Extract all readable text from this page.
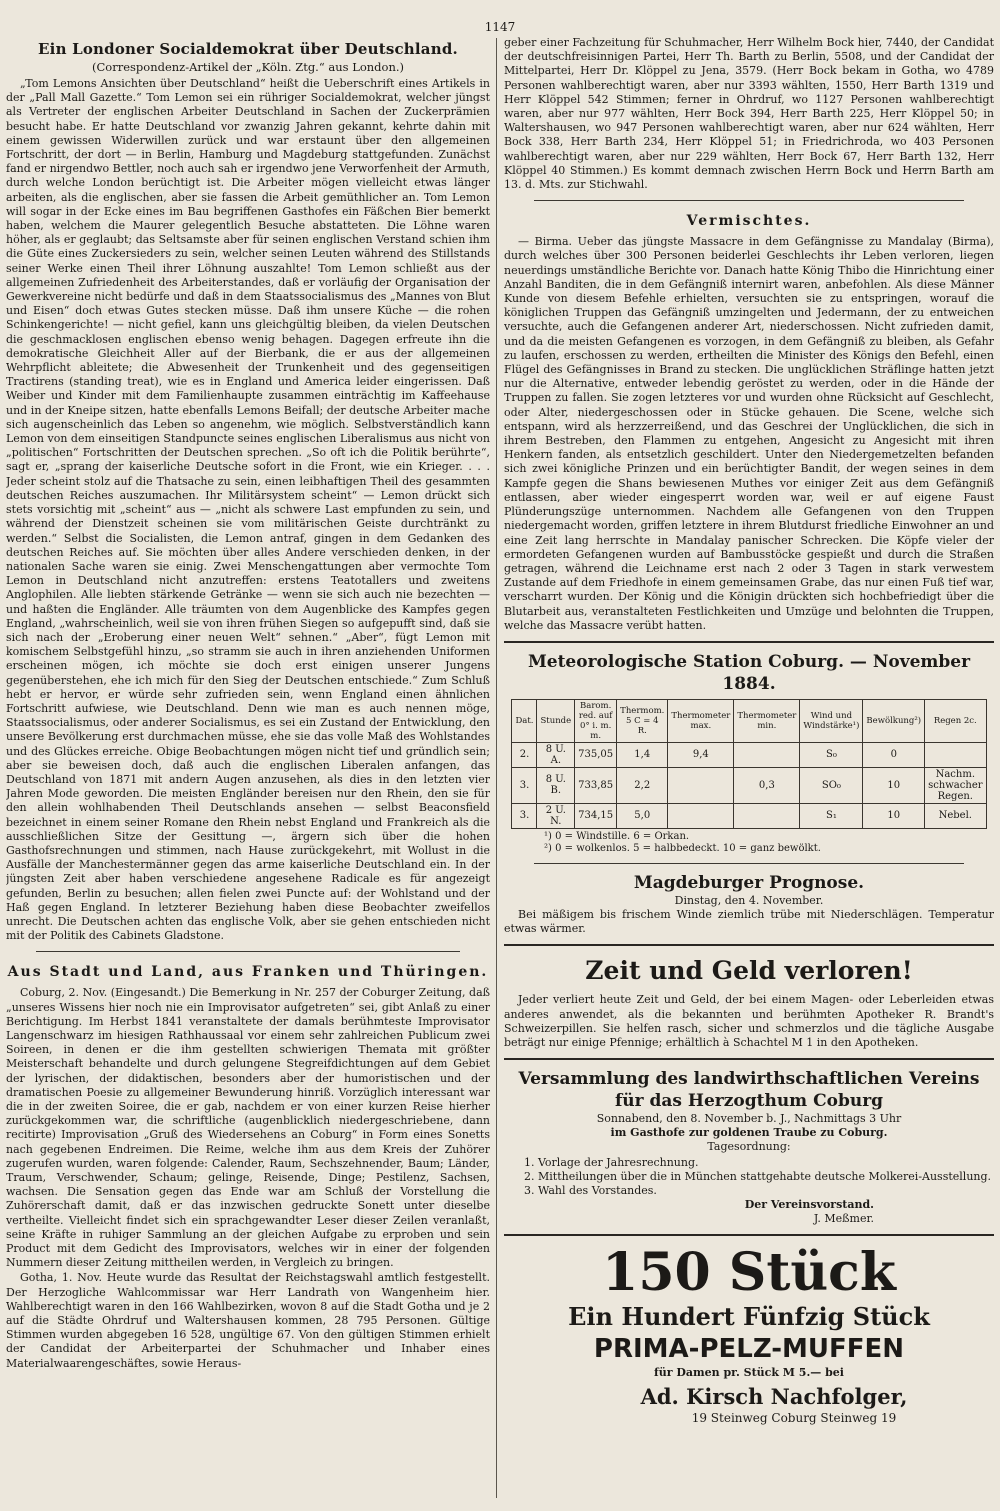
1147
Ein Londoner Socialdemokrat über Deutschland.
(Correspondenz-Artikel der „Köln. Ztg.“ aus London.)

„Tom Lemons Ansichten über Deutschland“ heißt die Ueberschrift eines Artikels in der „Pall Mall Gazette.“ Tom Lemon sei ein rühriger Socialdemokrat, welcher jüngst als Vertreter der englischen Arbeiter Deutschland in Sachen der Zuckerprämien besucht habe. Er hatte Deutschland vor zwanzig Jahren gekannt, kehrte dahin mit einem gewissen Widerwillen zurück und war erstaunt über den allgemeinen Fortschritt, der dort — in Berlin, Hamburg und Magdeburg stattgefunden. Zunächst fand er nirgendwo Bettler, noch auch sah er irgendwo jene Verworfenheit der Armuth, durch welche London berüchtigt ist. Die Arbeiter mögen vielleicht etwas länger arbeiten, als die englischen, aber sie fassen die Arbeit gemüthlicher an. Tom Lemon will sogar in der Ecke eines im Bau begriffenen Gasthofes ein Fäßchen Bier bemerkt haben, welchem die Maurer gelegentlich Besuche abstatteten. Die Löhne waren höher, als er geglaubt; das Seltsamste aber für seinen englischen Verstand schien ihm die Güte eines Zuckersieders zu sein, welcher seinen Leuten während des Stillstands seiner Werke einen Theil ihrer Löhnung auszahlte! Tom Lemon schließt aus der allgemeinen Zufriedenheit des Arbeiterstandes, daß er vorläufig der Organisation der Gewerkvereine nicht bedürfe und daß in dem Staatssocialismus des „Mannes von Blut und Eisen“ doch etwas Gutes stecken müsse. Daß ihm unsere Küche — die rohen Schinkengerichte! — nicht gefiel, kann uns gleichgültig bleiben, da vielen Deutschen die geschmacklosen englischen ebenso wenig behagen. Dagegen erfreute ihn die demokratische Gleichheit Aller auf der Bierbank, die er aus der allgemeinen Wehrpflicht ableitete; die Abwesenheit der Trunkenheit und des gegenseitigen Tractirens (standing treat), wie es in England und America leider eingerissen. Daß Weiber und Kinder mit dem Familienhaupte zusammen einträchtig im Kaffeehause und in der Kneipe sitzen, hatte ebenfalls Lemons Beifall; der deutsche Arbeiter mache sich augenscheinlich das Leben so angenehm, wie möglich. Selbstverständlich kann Lemon von dem einseitigen Standpuncte seines englischen Liberalismus aus nicht von „politischen“ Fortschritten der Deutschen sprechen. „So oft ich die Politik berührte“, sagt er, „sprang der kaiserliche Deutsche sofort in die Front, wie ein Krieger. . . . Jeder scheint stolz auf die Thatsache zu sein, einen leibhaftigen Theil des gesammten deutschen Reiches auszumachen. Ihr Militärsystem scheint“ — Lemon drückt sich stets vorsichtig mit „scheint“ aus — „nicht als schwere Last empfunden zu sein, und während der Dienstzeit scheinen sie vom militärischen Geiste durchtränkt zu werden.“ Selbst die Socialisten, die Lemon antraf, gingen in dem Gedanken des deutschen Reiches auf. Sie möchten über alles Andere verschieden denken, in der nationalen Sache waren sie einig. Zwei Menschengattungen aber vermochte Tom Lemon in Deutschland nicht anzutreffen: erstens Teatotallers und zweitens Anglophilen. Alle liebten stärkende Getränke — wenn sie sich auch nie bezechten — und haßten die Engländer. Alle träumten von dem Augenblicke des Kampfes gegen England, „wahrscheinlich, weil sie von ihren frühen Siegen so aufgepufft sind, daß sie sich nach der „Eroberung einer neuen Welt“ sehnen.“ „Aber“, fügt Lemon mit komischem Selbstgefühl hinzu, „so stramm sie auch in ihren anziehenden Uniformen erscheinen mögen, ich möchte sie doch erst einigen unserer Jungens gegenüberstehen, ehe ich mich für den Sieg der Deutschen entschiede.“ Zum Schluß hebt er hervor, er würde sehr zufrieden sein, wenn England einen ähnlichen Fortschritt aufwiese, wie Deutschland. Denn wie man es auch nennen möge, Staatssocialismus, oder anderer Socialismus, es sei ein Zustand der Entwicklung, den unsere Bevölkerung erst durchmachen müsse, ehe sie das volle Maß des Wohlstandes und des Glückes erreiche. Obige Beobachtungen mögen nicht tief und gründlich sein; aber sie beweisen doch, daß auch die englischen Liberalen anfangen, das Deutschland von 1871 mit andern Augen anzusehen, als dies in den letzten vier Jahren Mode geworden. Die meisten Engländer bereisen nur den Rhein, den sie für den allein wohlhabenden Theil Deutschlands ansehen — selbst Beaconsfield bezeichnet in einem seiner Romane den Rhein nebst England und Frankreich als die ausschließlichen Sitze der Gesittung —, ärgern sich über die hohen Gasthofsrechnungen und stimmen, nach Hause zurückgekehrt, mit Wollust in die Ausfälle der Manchestermänner gegen das arme kaiserliche Deutschland ein. In der jüngsten Zeit aber haben verschiedene angesehene Radicale es für angezeigt gefunden, Berlin zu besuchen; allen fielen zwei Puncte auf: der Wohlstand und der Haß gegen England. In letzterer Beziehung haben diese Beobachter zweifellos unrecht. Die Deutschen achten das englische Volk, aber sie gehen entschieden nicht mit der Politik des Cabinets Gladstone.

Aus Stadt und Land, aus Franken und Thüringen.

Coburg, 2. Nov. (Eingesandt.) Die Bemerkung in Nr. 257 der Coburger Zeitung, daß „unseres Wissens hier noch nie ein Improvisator aufgetreten“ sei, gibt Anlaß zu einer Berichtigung. Im Herbst 1841 veranstaltete der damals berühmteste Improvisator Langenschwarz im hiesigen Rathhaussaal vor einem sehr zahlreichen Publicum zwei Soireen, in denen er die ihm gestellten schwierigen Themata mit größter Meisterschaft behandelte und durch gelungene Stegreifdichtungen auf dem Gebiet der lyrischen, der didaktischen, besonders aber der humoristischen und der dramatischen Poesie zu allgemeiner Bewunderung hinriß. Vorzüglich interessant war die in der zweiten Soiree, die er gab, nachdem er von einer kurzen Reise hierher zurückgekommen war, die schriftliche (augenblicklich niedergeschriebene, dann recitirte) Improvisation „Gruß des Wiedersehens an Coburg“ in Form eines Sonetts nach gegebenen Endreimen. Die Reime, welche ihm aus dem Kreis der Zuhörer zugerufen wurden, waren folgende: Calender, Raum, Sechszehnender, Baum; Länder, Traum, Verschwender, Schaum; gelinge, Reisende, Dinge; Pestilenz, Sachsen, wachsen. Die Sensation gegen das Ende war am Schluß der Vorstellung die Zuhörerschaft damit, daß er das inzwischen gedruckte Sonett unter dieselbe vertheilte. Vielleicht findet sich ein sprachgewandter Leser dieser Zeilen veranlaßt, seine Kräfte in ruhiger Sammlung an der gleichen Aufgabe zu erproben und sein Product mit dem Gedicht des Improvisators, welches wir in einer der folgenden Nummern dieser Zeitung mittheilen werden, in Vergleich zu bringen.

Gotha, 1. Nov. Heute wurde das Resultat der Reichstagswahl amtlich festgestellt. Der Herzogliche Wahlcommissar war Herr Landrath von Wangenheim hier. Wahlberechtigt waren in den 166 Wahlbezirken, wovon 8 auf die Stadt Gotha und je 2 auf die Städte Ohrdruf und Waltershausen kommen, 28 795 Personen. Gültige Stimmen wurden abgegeben 16 528, ungültige 67. Von den gültigen Stimmen erhielt der Candidat der Arbeiterpartei der Schuhmacher und Inhaber eines Materialwaarengeschäftes, sowie Heraus-

geber einer Fachzeitung für Schuhmacher, Herr Wilhelm Bock hier, 7440, der Candidat der deutschfreisinnigen Partei, Herr Th. Barth zu Berlin, 5508, und der Candidat der Mittelpartei, Herr Dr. Klöppel zu Jena, 3579. (Herr Bock bekam in Gotha, wo 4789 Personen wahlberechtigt waren, aber nur 3393 wählten, 1550, Herr Barth 1319 und Herr Klöppel 542 Stimmen; ferner in Ohrdruf, wo 1127 Personen wahlberechtigt waren, aber nur 977 wählten, Herr Bock 394, Herr Barth 225, Herr Klöppel 50; in Waltershausen, wo 947 Personen wahlberechtigt waren, aber nur 624 wählten, Herr Bock 338, Herr Barth 234, Herr Klöppel 51; in Friedrichroda, wo 403 Personen wahlberechtigt waren, aber nur 229 wählten, Herr Bock 67, Herr Barth 132, Herr Klöppel 40 Stimmen.) Es kommt demnach zwischen Herrn Bock und Herrn Barth am 13. d. Mts. zur Stichwahl.

Vermischtes.

— Birma. Ueber das jüngste Massacre in dem Gefängnisse zu Mandalay (Birma), durch welches über 300 Personen beiderlei Geschlechts ihr Leben verloren, liegen neuerdings umständliche Berichte vor. Danach hatte König Thibo die Hinrichtung einer Anzahl Banditen, die in dem Gefängniß internirt waren, anbefohlen. Als diese Männer Kunde von diesem Befehle erhielten, versuchten sie zu entspringen, worauf die königlichen Truppen das Gefängniß umzingelten und Jedermann, der zu entweichen versuchte, auch die Gefangenen anderer Art, niederschossen. Nicht zufrieden damit, und da die meisten Gefangenen es vorzogen, in dem Gefängniß zu bleiben, als Gefahr zu laufen, erschossen zu werden, ertheilten die Minister des Königs den Befehl, einen Flügel des Gefängnisses in Brand zu stecken. Die unglücklichen Sträflinge hatten jetzt nur die Alternative, entweder lebendig geröstet zu werden, oder in die Hände der Truppen zu fallen. Sie zogen letzteres vor und wurden ohne Rücksicht auf Geschlecht, oder Alter, niedergeschossen oder in Stücke gehauen. Die Scene, welche sich entspann, wird als herzzerreißend, und das Geschrei der Unglücklichen, die sich in ihrem Bestreben, den Flammen zu entgehen, Angesicht zu Angesicht mit ihren Henkern fanden, als entsetzlich geschildert. Unter den Niedergemetzelten befanden sich zwei königliche Prinzen und ein berüchtigter Bandit, der wegen seines in dem Kampfe gegen die Shans bewiesenen Muthes vor einiger Zeit aus dem Gefängniß entlassen, aber wieder eingesperrt worden war, weil er auf eigene Faust Plünderungszüge unternommen. Nachdem alle Gefangenen von den Truppen niedergemacht worden, griffen letztere in ihrem Blutdurst friedliche Einwohner an und eine Zeit lang herrschte in Mandalay panischer Schrecken. Die Köpfe vieler der ermordeten Gefangenen wurden auf Bambusstöcke gespießt und durch die Straßen getragen, während die Leichname erst nach 2 oder 3 Tagen in stark verwestem Zustande auf dem Friedhofe in einem gemeinsamen Grabe, das nur einen Fuß tief war, verscharrt wurden. Der König und die Königin drückten sich hochbefriedigt über die Blutarbeit aus, veranstalteten Festlichkeiten und Umzüge und belohnten die Truppen, welche das Massacre verübt hatten.

Meteorologische Station Coburg. — November 1884.
Dat.	Stunde	Barom. red. auf 0° i. m. m.	Thermom. 5 C = 4 R.	Thermometer max.	Thermometer min.	Wind und Windstärke¹)	Bewölkung²)	Regen 2c.
2.	8 U. A.	735,05	1,4	9,4		S₀	0	
3.	8 U. B.	733,85	2,2		0,3	SO₀	10	Nachm. schwacher Regen.
3.	2 U. N.	734,15	5,0			S₁	10	Nebel.
¹) 0 = Windstille. 6 = Orkan.
²) 0 = wolkenlos. 5 = halbbedeckt. 10 = ganz bewölkt.
Magdeburger Prognose.

Dinstag, den 4. November.

Bei mäßigem bis frischem Winde ziemlich trübe mit Niederschlägen. Temperatur etwas wärmer.

Zeit und Geld verloren!

Jeder verliert heute Zeit und Geld, der bei einem Magen- oder Leberleiden etwas anderes anwendet, als die bekannten und berühmten Apotheker R. Brandt's Schweizerpillen. Sie helfen rasch, sicher und schmerzlos und die tägliche Ausgabe beträgt nur einige Pfennige; erhältlich à Schachtel M 1 in den Apotheken.

Versammlung des landwirthschaftlichen Vereins
für das Herzogthum Coburg

Sonnabend, den 8. November b. J., Nachmittags 3 Uhr

im Gasthofe zur goldenen Traube zu Coburg.

Tagesordnung:

1. Vorlage der Jahresrechnung.
2. Mittheilungen über die in München stattgehabte deutsche Molkerei-Ausstellung.
3. Wahl des Vorstandes.

Der Vereinsvorstand.

J. Meßmer.

150 Stück
Ein Hundert Fünfzig Stück
PRIMA-PELZ-MUFFEN

für Damen pr. Stück M 5.— bei

Ad. Kirsch Nachfolger,
19 Steinweg Coburg Steinweg 19
